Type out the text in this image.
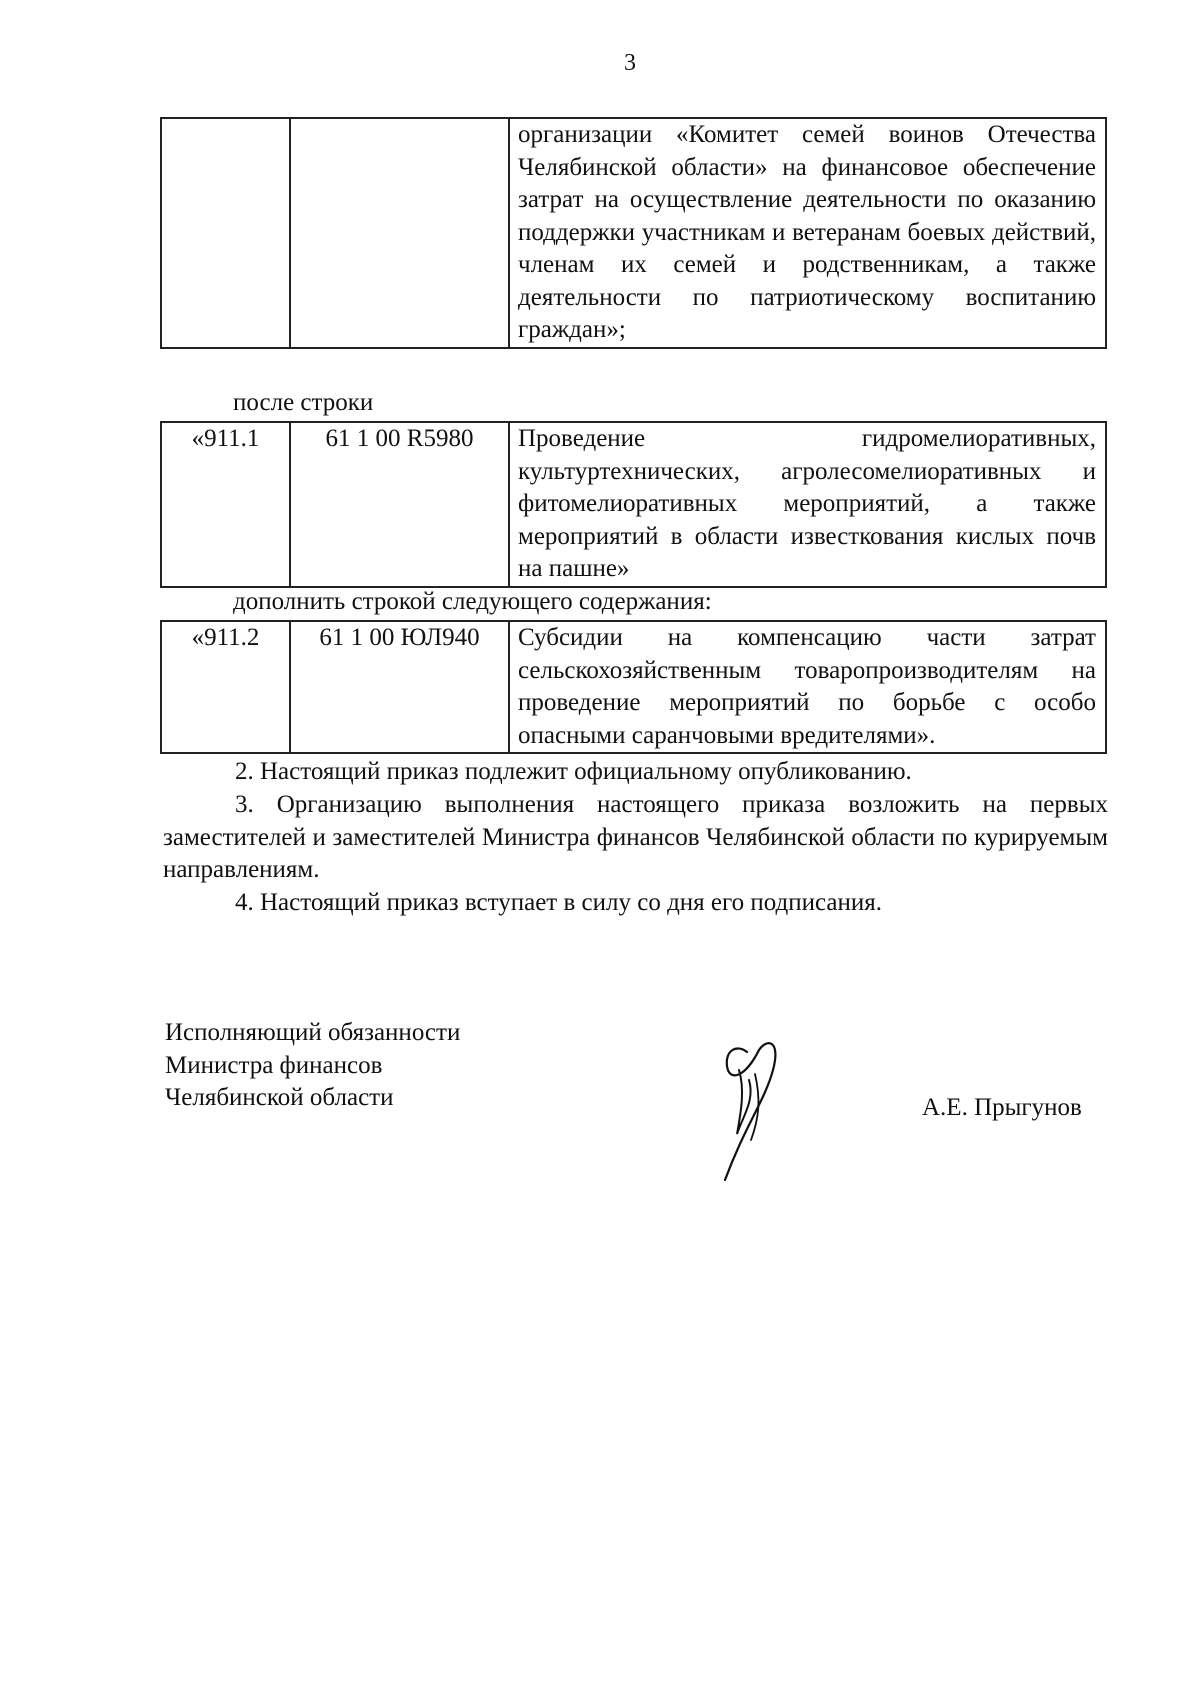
3
		организации «Комитет семей воинов Отечества Челябинской области» на финансовое обеспечение затрат на осуществление деятельности по оказанию поддержки участникам и ветеранам боевых действий, членам их семей и родственникам, а также деятельности по патриотическому воспитанию граждан»;
после строки
«911.1	61 1 00 R5980	Проведение гидромелиоративных, культуртехнических, агролесомелиоративных и фитомелиоративных мероприятий, а также мероприятий в области известкования кислых почв на пашне»
дополнить строкой следующего содержания:
«911.2	61 1 00 ЮЛ940	Субсидии на компенсацию части затрат сельскохозяйственным товаропроизводителям на проведение мероприятий по борьбе с особо опасными саранчовыми вредителями».
2. Настоящий приказ подлежит официальному опубликованию.
3. Организацию выполнения настоящего приказа возложить на первых заместителей и заместителей Министра финансов Челябинской области по курируемым направлениям.
4. Настоящий приказ вступает в силу со дня его подписания.
Исполняющий обязанности
Министра финансов
Челябинской области	А.Е. Прыгунов
